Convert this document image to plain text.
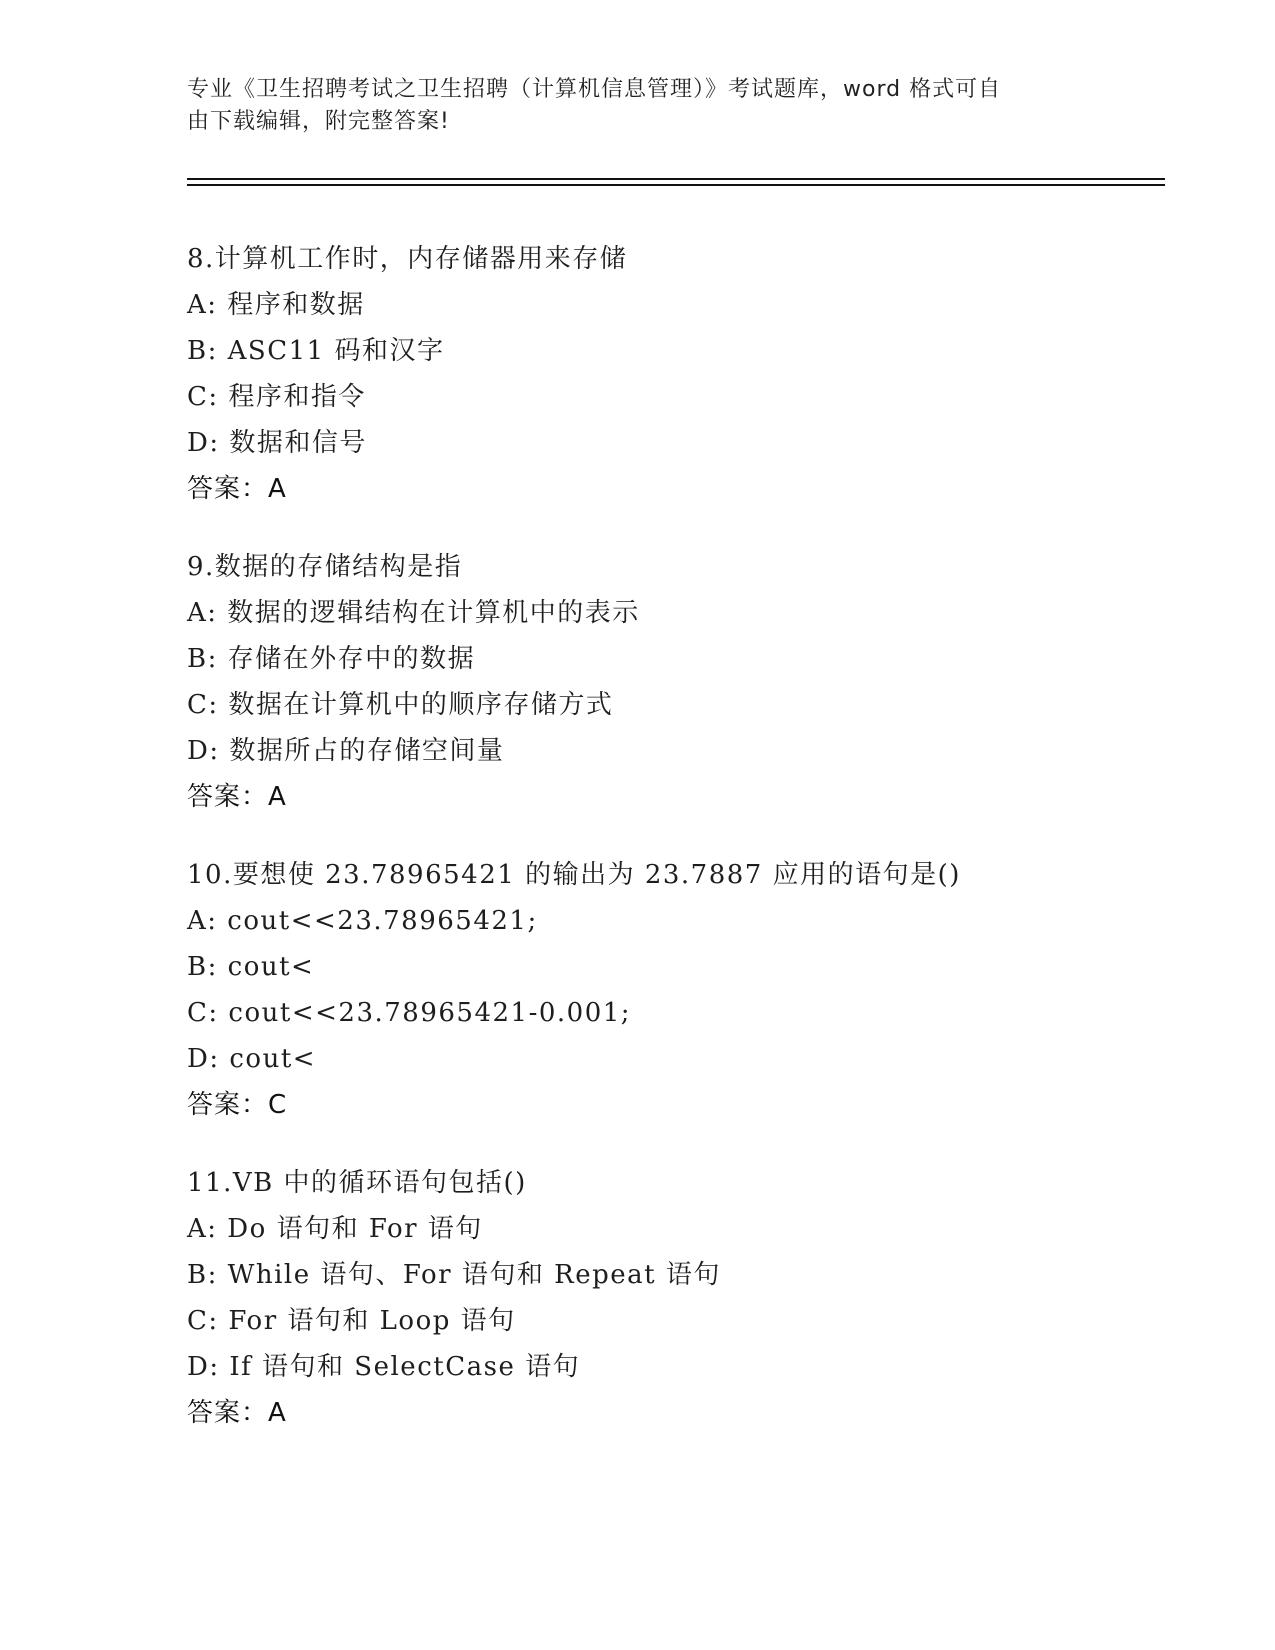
专业《卫生招聘考试之卫生招聘（计算机信息管理）》考试题库，word 格式可自
由下载编辑，附完整答案!
8.计算机工作时，内存储器用来存储
A: 程序和数据
B: ASC11 码和汉字
C: 程序和指令
D: 数据和信号
答案：A
9.数据的存储结构是指
A: 数据的逻辑结构在计算机中的表示
B: 存储在外存中的数据
C: 数据在计算机中的顺序存储方式
D: 数据所占的存储空间量
答案：A
10.要想使 23.78965421 的输出为 23.7887 应用的语句是()
A: cout<<23.78965421;
B: cout<
C: cout<<23.78965421-0.001;
D: cout<
答案：C
11.VB 中的循环语句包括()
A: Do 语句和 For 语句
B: While 语句、For 语句和 Repeat 语句
C: For 语句和 Loop 语句
D: If 语句和 SelectCase 语句
答案：A
